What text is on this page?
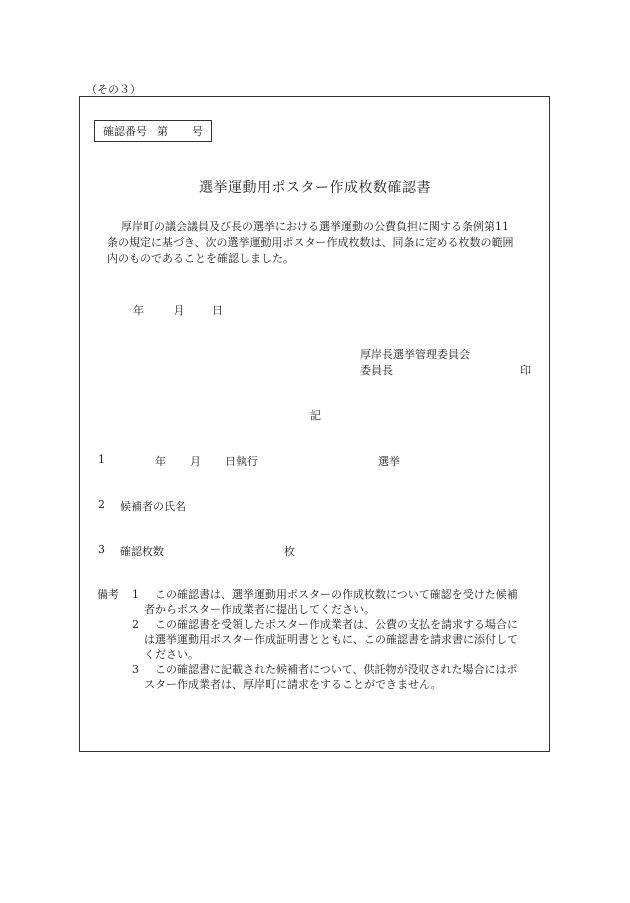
（その３）
確認番号 第 号
選挙運動用ポスター作成枚数確認書
厚岸町の議会議員及び長の選挙における選挙運動の公費負担に関する条例第11
条の規定に基づき、次の選挙運動用ポスター作成枚数は、同条に定める枚数の範囲
内のものであることを確認しました。
年	月	日
厚岸長選挙管理委員会
委員長	印
記
1	年 月 日執行	選挙
2 候補者の氏名
3 確認枚数	枚
備考 1 この確認書は、選挙運動用ポスターの作成枚数について確認を受けた候補
者からポスター作成業者に提出してください。
2 この確認書を受領したポスター作成業者は、公費の支払を請求する場合に
は選挙運動用ポスター作成証明書とともに、この確認書を請求書に添付して
ください。
3 この確認書に記載された候補者について、供託物が没収された場合にはポ
スター作成業者は、厚岸町に請求をすることができません。
